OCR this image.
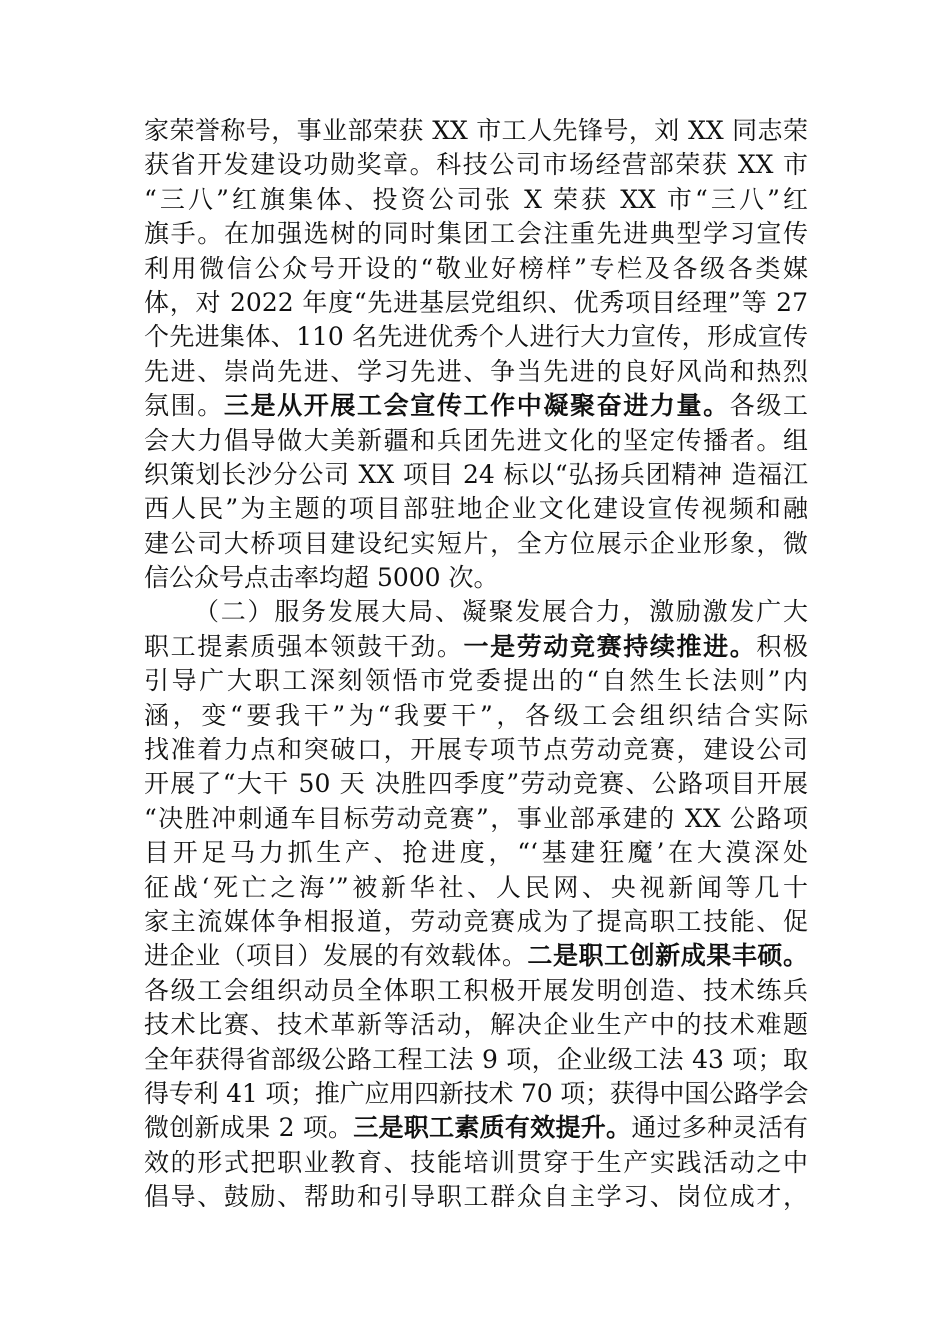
家荣誉称号，事业部荣获 XX 市工人先锋号，刘 XX 同志荣
获省开发建设功勋奖章。科技公司市场经营部荣获 XX 市
“三八”红旗集体、投资公司张 X 荣获 XX 市“三八”红
旗手。在加强选树的同时集团工会注重先进典型学习宣传
利用微信公众号开设的“敬业好榜样”专栏及各级各类媒
体，对 2022 年度“先进基层党组织、优秀项目经理”等 27
个先进集体、110 名先进优秀个人进行大力宣传，形成宣传
先进、崇尚先进、学习先进、争当先进的良好风尚和热烈
氛围。三是从开展工会宣传工作中凝聚奋进力量。各级工
会大力倡导做大美新疆和兵团先进文化的坚定传播者。组
织策划长沙分公司 XX 项目 24 标以“弘扬兵团精神 造福江
西人民”为主题的项目部驻地企业文化建设宣传视频和融
建公司大桥项目建设纪实短片，全方位展示企业形象，微
信公众号点击率均超 5000 次。
（二）服务发展大局、凝聚发展合力，激励激发广大
职工提素质强本领鼓干劲。一是劳动竞赛持续推进。积极
引导广大职工深刻领悟市党委提出的“自然生长法则”内
涵，变“要我干”为“我要干”，各级工会组织结合实际
找准着力点和突破口，开展专项节点劳动竞赛，建设公司
开展了“大干 50 天 决胜四季度”劳动竞赛、公路项目开展
“决胜冲刺通车目标劳动竞赛”，事业部承建的 XX 公路项
目开足马力抓生产、抢进度，“‘基建狂魔’在大漠深处
征战‘死亡之海’”被新华社、人民网、央视新闻等几十
家主流媒体争相报道，劳动竞赛成为了提高职工技能、促
进企业（项目）发展的有效载体。二是职工创新成果丰硕。
各级工会组织动员全体职工积极开展发明创造、技术练兵
技术比赛、技术革新等活动，解决企业生产中的技术难题
全年获得省部级公路工程工法 9 项，企业级工法 43 项；取
得专利 41 项；推广应用四新技术 70 项；获得中国公路学会
微创新成果 2 项。三是职工素质有效提升。通过多种灵活有
效的形式把职业教育、技能培训贯穿于生产实践活动之中
倡导、鼓励、帮助和引导职工群众自主学习、岗位成才，
